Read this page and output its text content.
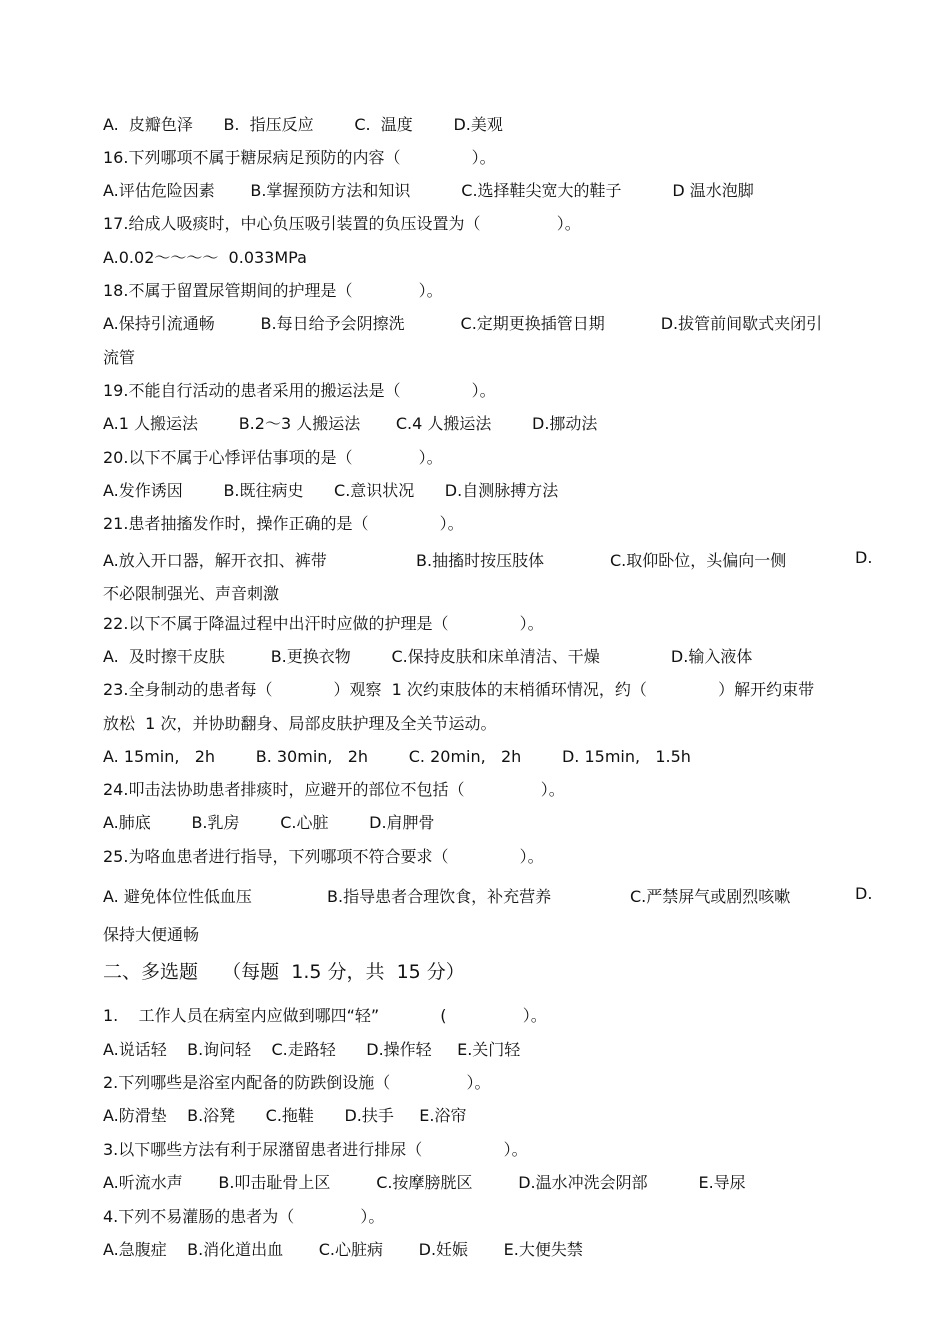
A.  皮瓣色泽      B.  指压反应        C.  温度        D.美观
16.下列哪项不属于糖尿病足预防的内容（              ）。
A.评估危险因素       B.掌握预防方法和知识          C.选择鞋尖宽大的鞋子          D 温水泡脚
17.给成人吸痰时，中心负压吸引装置的负压设置为（               ）。
A.0.02～～～～  0.033MPa
18.不属于留置尿管期间的护理是（             ）。
A.保持引流通畅         B.每日给予会阴擦洗           C.定期更换插管日期           D.拔管前间歇式夹闭引
流管
19.不能自行活动的患者采用的搬运法是（              ）。
A.1 人搬运法        B.2～3 人搬运法       C.4 人搬运法        D.挪动法
20.以下不属于心悸评估事项的是（             ）。
A.发作诱因        B.既往病史      C.意识状况      D.自测脉搏方法
21.患者抽搐发作时，操作正确的是（              ）。
22.以下不属于降温过程中出汗时应做的护理是（              ）。
A.  及时擦干皮肤         B.更换衣物        C.保持皮肤和床单清洁、干燥              D.输入液体
23.全身制动的患者每（            ）观察  1 次约束肢体的末梢循环情况，约（              ）解开约束带
放松  1 次，并协助翻身、局部皮肤护理及全关节运动。
A. 15min,   2h        B. 30min,   2h        C. 20min,   2h        D. 15min,   1.5h
24.叩击法协助患者排痰时，应避开的部位不包括（               ）。
A.肺底        B.乳房        C.心脏        D.肩胛骨
25.为咯血患者进行指导，下列哪项不符合要求（              ）。
保持大便通畅
二、多选题    （每题  1.5 分，共  15 分）
1.    工作人员在病室内应做到哪四“轻”            (               ）。
A.说话轻    B.询问轻    C.走路轻      D.操作轻     E.关门轻
2.下列哪些是浴室内配备的防跌倒设施（               ）。
A.防滑垫    B.浴凳      C.拖鞋      D.扶手     E.浴帘
3.以下哪些方法有利于尿潴留患者进行排尿（                ）。
A.听流水声       B.叩击耻骨上区         C.按摩膀胱区         D.温水冲洗会阴部          E.导尿
4.下列不易灌肠的患者为（             ）。
A.急腹症    B.消化道出血       C.心脏病       D.妊娠       E.大便失禁
A.放入开口器，解开衣扣、裤带	B.抽搐时按压肢体	C.取仰卧位，头偏向一侧	D.
不必限制强光、声音刺激
A. 避免体位性低血压	B.指导患者合理饮食，补充营养	C.严禁屏气或剧烈咳嗽	D.
